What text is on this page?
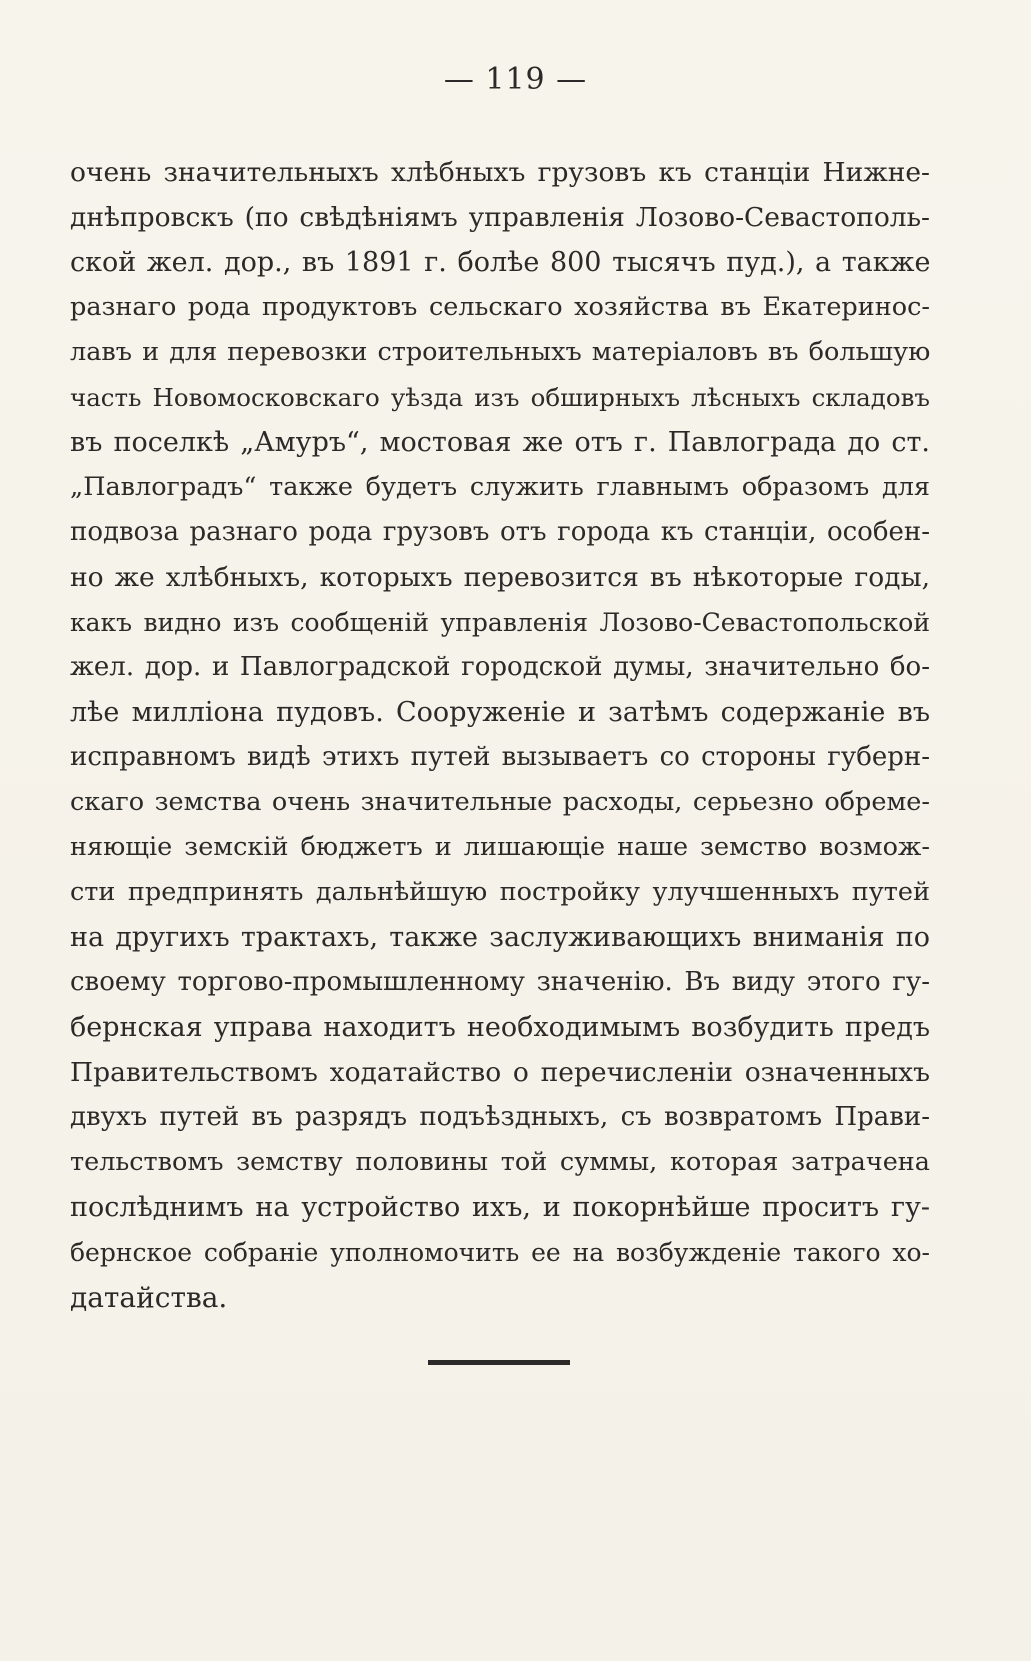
— 119 —
очень значительныхъ хлѣбныхъ грузовъ къ станціи Нижне-
днѣпровскъ (по свѣдѣніямъ управленія Лозово-Севастополь-
ской жел. дор., въ 1891 г. болѣе 800 тысячъ пуд.), а также
разнаго рода продуктовъ сельскаго хозяйства въ Екатеринос-
лавъ и для перевозки строительныхъ матеріаловъ въ большую
часть Новомосковскаго уѣзда изъ обширныхъ лѣсныхъ складовъ
въ поселкѣ „Амуръ“, мостовая же отъ г. Павлограда до ст.
„Павлоградъ“ также будетъ служить главнымъ образомъ для
подвоза разнаго рода грузовъ отъ города къ станціи, особен-
но же хлѣбныхъ, которыхъ перевозится въ нѣкоторые годы,
какъ видно изъ сообщеній управленія Лозово-Севастопольской
жел. дор. и Павлоградской городской думы, значительно бо-
лѣе милліона пудовъ. Сооруженіе и затѣмъ содержаніе въ
исправномъ видѣ этихъ путей вызываетъ со стороны губерн-
скаго земства очень значительные расходы, серьезно обреме-
няющіе земскій бюджетъ и лишающіе наше земство возмож-
сти предпринять дальнѣйшую постройку улучшенныхъ путей
на другихъ трактахъ, также заслуживающихъ вниманія по
своему торгово-промышленному значенію. Въ виду этого гу-
бернская управа находитъ необходимымъ возбудить предъ
Правительствомъ ходатайство о перечисленіи означенныхъ
двухъ путей въ разрядъ подъѣздныхъ, съ возвратомъ Прави-
тельствомъ земству половины той суммы, которая затрачена
послѣднимъ на устройство ихъ, и покорнѣйше проситъ гу-
бернское собраніе уполномочить ее на возбужденіе такого хо-
датайства.
